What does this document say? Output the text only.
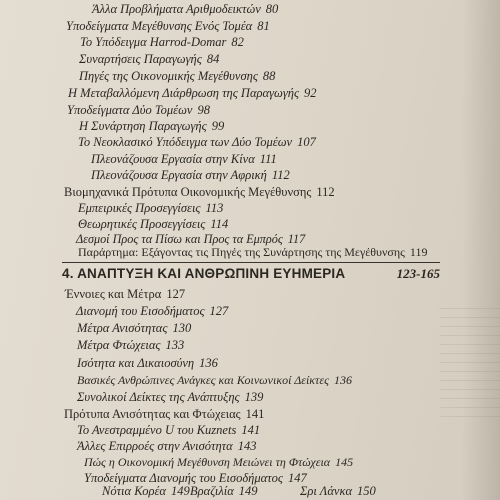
Άλλα Προβλήματα Αριθμοδεικτών 80
Υποδείγματα Μεγέθυνσης Ενός Τομέα 81
Το Υπόδειγμα Harrod-Domar 82
Συναρτήσεις Παραγωγής 84
Πηγές της Οικονομικής Μεγέθυνσης 88
Η Μεταβαλλόμενη Διάρθρωση της Παραγωγής 92
Υποδείγματα Δύο Τομέων 98
Η Συνάρτηση Παραγωγής 99
Το Νεοκλασικό Υπόδειγμα των Δύο Τομέων 107
Πλεονάζουσα Εργασία στην Κίνα 111
Πλεονάζουσα Εργασία στην Αφρική 112
Βιομηχανικά Πρότυπα Οικονομικής Μεγέθυνσης 112
Εμπειρικές Προσεγγίσεις 113
Θεωρητικές Προσεγγίσεις 114
Δεσμοί Προς τα Πίσω και Προς τα Εμπρός 117
Παράρτημα: Εξάγοντας τις Πηγές της Συνάρτησης της Μεγέθυνσης 119
4. ΑΝΑΠΤΥΞΗ ΚΑΙ ΑΝΘΡΩΠΙΝΗ ΕΥΗΜΕΡΙΑ	123-165
Έννοιες και Μέτρα 127
Διανομή του Εισοδήματος 127
Μέτρα Ανισότητας 130
Μέτρα Φτώχειας 133
Ισότητα και Δικαιοσύνη 136
Βασικές Ανθρώπινες Ανάγκες και Κοινωνικοί Δείκτες 136
Συνολικοί Δείκτες της Ανάπτυξης 139
Πρότυπα Ανισότητας και Φτώχειας 141
Το Ανεστραμμένο U του Kuznets 141
Άλλες Επιρροές στην Ανισότητα 143
Πώς η Οικονομική Μεγέθυνση Μειώνει τη Φτώχεια 145
Υποδείγματα Διανομής του Εισοδήματος 147
Νότια Κορέα 149 Βραζιλία 149	Σρι Λάνκα 150
